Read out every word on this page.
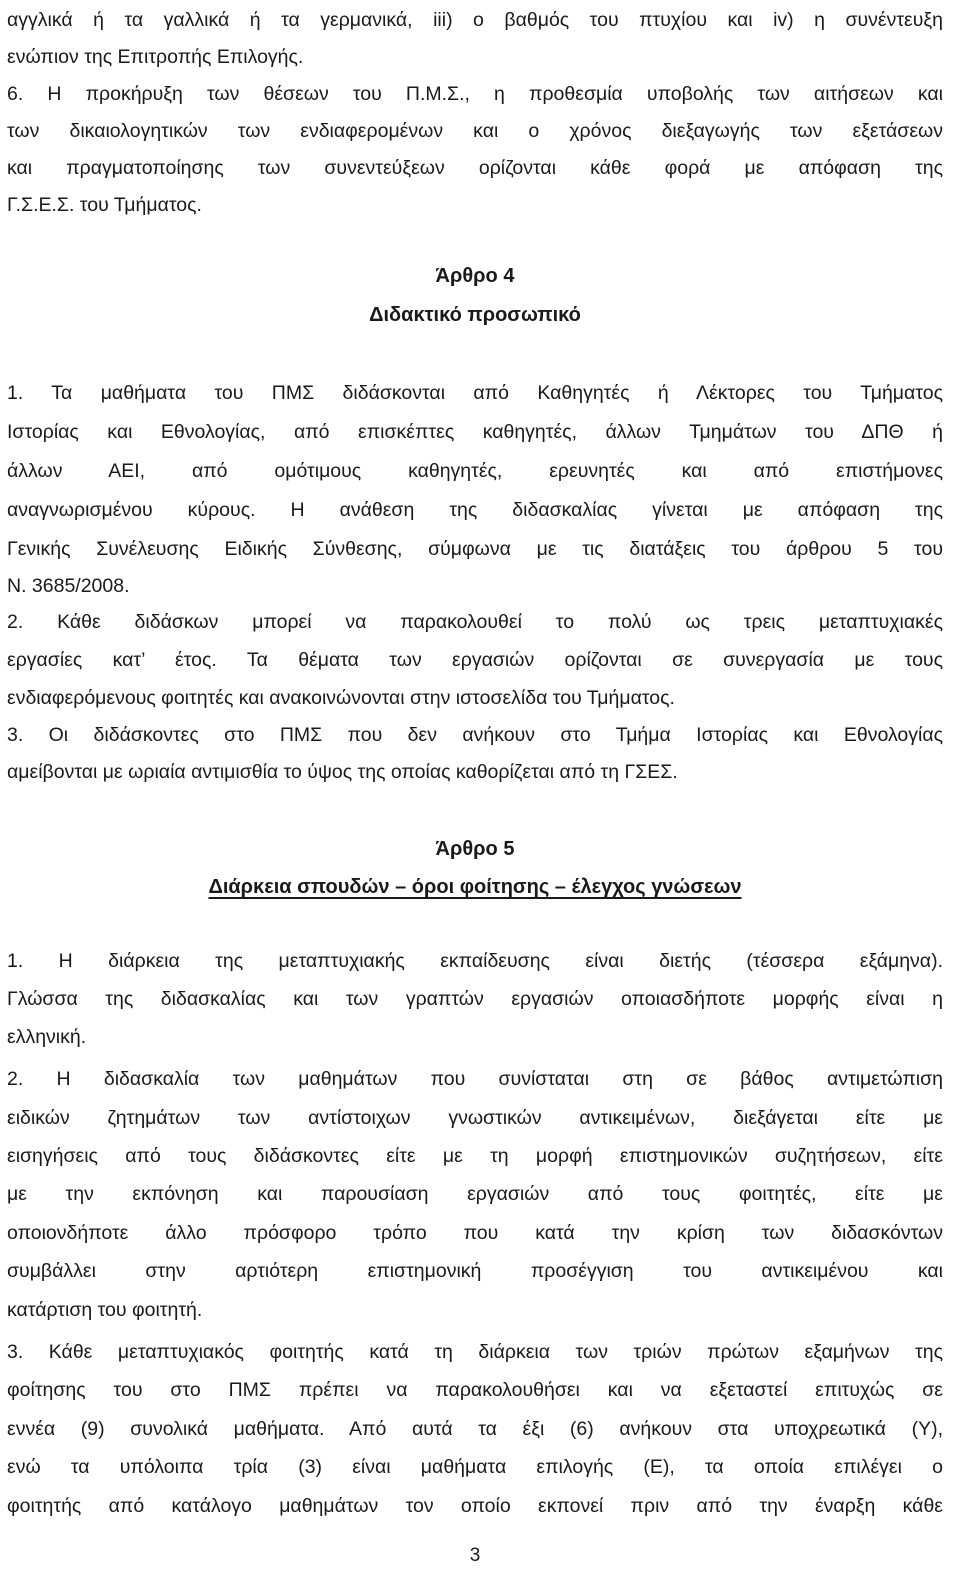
αγγλικά ή τα γαλλικά ή τα γερμανικά, iii) ο βαθμός του πτυχίου και iv) η συνέντευξη
ενώπιον της Επιτροπής Επιλογής.
6. Η προκήρυξη των θέσεων του Π.Μ.Σ., η προθεσμία υποβολής των αιτήσεων και
των δικαιολογητικών των ενδιαφερομένων και ο χρόνος διεξαγωγής των εξετάσεων
και πραγματοποίησης των συνεντεύξεων ορίζονται κάθε φορά με απόφαση της
Γ.Σ.Ε.Σ. του Τμήματος.
Άρθρο 4
Διδακτικό προσωπικό
1. Τα μαθήματα του ΠΜΣ διδάσκονται από Καθηγητές ή Λέκτορες του Τμήματος
Ιστορίας και Εθνολογίας, από επισκέπτες καθηγητές, άλλων Τμημάτων του ΔΠΘ ή
άλλων ΑΕΙ, από ομότιμους καθηγητές, ερευνητές και από επιστήμονες
αναγνωρισμένου κύρους. Η ανάθεση της διδασκαλίας γίνεται με απόφαση της
Γενικής Συνέλευσης Ειδικής Σύνθεσης, σύμφωνα με τις διατάξεις του άρθρου 5 του
Ν. 3685/2008.
2. Κάθε διδάσκων μπορεί να παρακολουθεί το πολύ ως τρεις μεταπτυχιακές
εργασίες κατ’ έτος. Τα θέματα των εργασιών ορίζονται σε συνεργασία με τους
ενδιαφερόμενους φοιτητές και ανακοινώνονται στην ιστοσελίδα του Τμήματος.
3. Οι διδάσκοντες στο ΠΜΣ που δεν ανήκουν στο Τμήμα Ιστορίας και Εθνολογίας
αμείβονται με ωριαία αντιμισθία το ύψος της οποίας καθορίζεται από τη ΓΣΕΣ.
Άρθρο 5
Διάρκεια σπουδών – όροι φοίτησης – έλεγχος γνώσεων
1. Η διάρκεια της μεταπτυχιακής εκπαίδευσης είναι διετής (τέσσερα εξάμηνα).
Γλώσσα της διδασκαλίας και των γραπτών εργασιών οποιασδήποτε μορφής είναι η
ελληνική.
2. Η διδασκαλία των μαθημάτων που συνίσταται στη σε βάθος αντιμετώπιση
ειδικών ζητημάτων των αντίστοιχων γνωστικών αντικειμένων, διεξάγεται είτε με
εισηγήσεις από τους διδάσκοντες είτε με τη μορφή επιστημονικών συζητήσεων, είτε
με την εκπόνηση και παρουσίαση εργασιών από τους φοιτητές, είτε με
οποιονδήποτε άλλο πρόσφορο τρόπο που κατά την κρίση των διδασκόντων
συμβάλλει στην αρτιότερη επιστημονική προσέγγιση του αντικειμένου και
κατάρτιση του φοιτητή.
3. Κάθε μεταπτυχιακός φοιτητής κατά τη διάρκεια των τριών πρώτων εξαμήνων της
φοίτησης του στο ΠΜΣ πρέπει να παρακολουθήσει και να εξεταστεί επιτυχώς σε
εννέα (9) συνολικά μαθήματα. Από αυτά τα έξι (6) ανήκουν στα υποχρεωτικά (Υ),
ενώ τα υπόλοιπα τρία (3) είναι μαθήματα επιλογής (Ε), τα οποία επιλέγει ο
φοιτητής από κατάλογο μαθημάτων τον οποίο εκπονεί πριν από την έναρξη κάθε
3
